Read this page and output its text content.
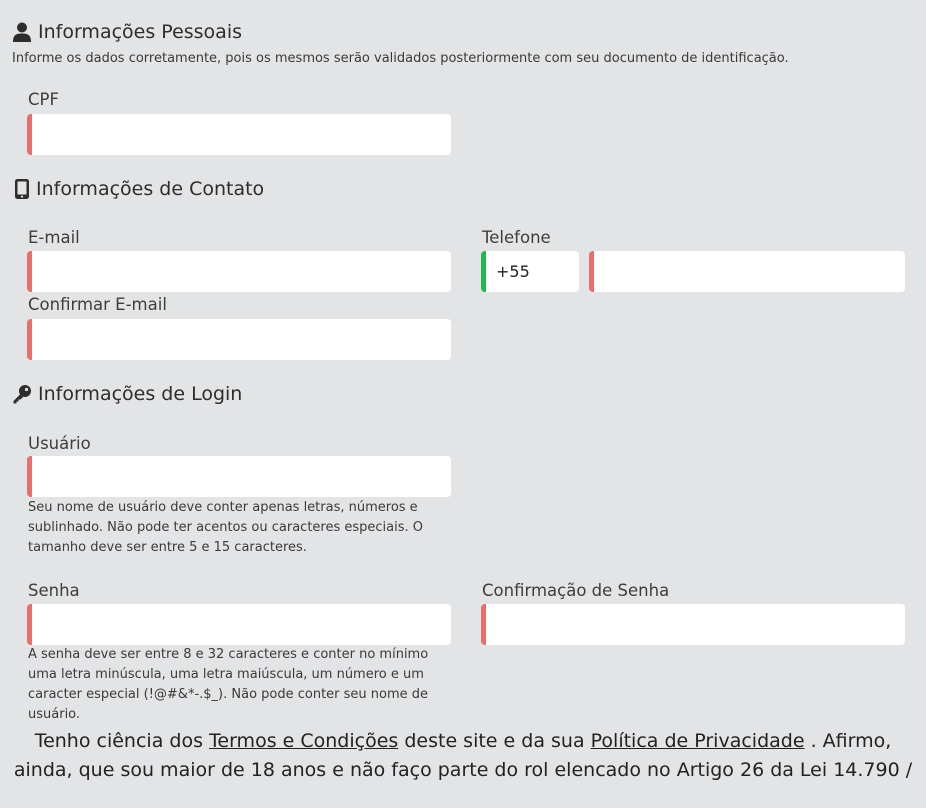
Informações Pessoais
Informe os dados corretamente, pois os mesmos serão validados posteriormente com seu documento de identificação.
CPF
Informações de Contato
E-mail
Confirmar E-mail
Telefone
+55
Informações de Login
Usuário
Seu nome de usuário deve conter apenas letras, números e sublinhado. Não pode ter acentos ou caracteres especiais. O tamanho deve ser entre 5 e 15 caracteres.
Senha
A senha deve ser entre 8 e 32 caracteres e conter no mínimo uma letra minúscula, uma letra maiúscula, um número e um caracter especial (!@#&*-.$_). Não pode conter seu nome de usuário.
Confirmação de Senha
Tenho ciência dos Termos e Condições deste site e da sua Política de Privacidade . Afirmo,
ainda, que sou maior de 18 anos e não faço parte do rol elencado no Artigo 26 da Lei 14.790 /
